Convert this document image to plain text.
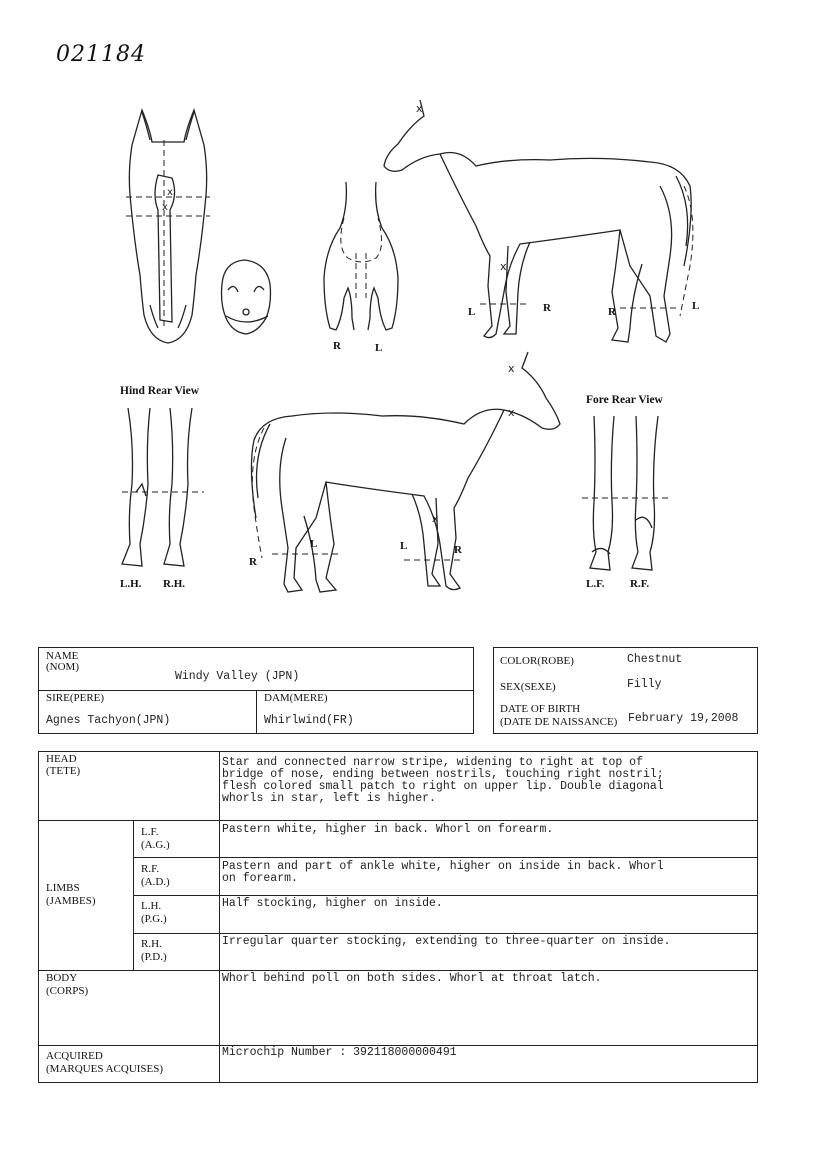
021184
x
x
R	L
x
x
L	R	R	L
Hind Rear View
L.H. R.H.
x
x
x
R
L	L	R
Fore Rear View
L.F. R.F.
NAME
(NOM)
Windy Valley (JPN)
SIRE(PERE)
Agnes Tachyon(JPN)
DAM(MERE)
Whirlwind(FR)
COLOR(ROBE)	Chestnut
SEX(SEXE)	Filly
DATE OF BIRTH
(DATE DE NAISSANCE) February 19,2008
HEAD
(TETE)
Star and connected narrow stripe, widening to right at top of
bridge of nose, ending between nostrils, touching right nostril;
flesh colored small patch to right on upper lip. Double diagonal
whorls in star, left is higher.
LIMBS
(JAMBES)
L.F.
(A.G.)
Pastern white, higher in back. Whorl on forearm.
R.F.
(A.D.)
Pastern and part of ankle white, higher on inside in back. Whorl
on forearm.
L.H.
(P.G.)
Half stocking, higher on inside.
R.H.
(P.D.)
Irregular quarter stocking, extending to three-quarter on inside.
BODY
(CORPS)
Whorl behind poll on both sides. Whorl at throat latch.
ACQUIRED
(MARQUES ACQUISES)
Microchip Number : 392118000000491
